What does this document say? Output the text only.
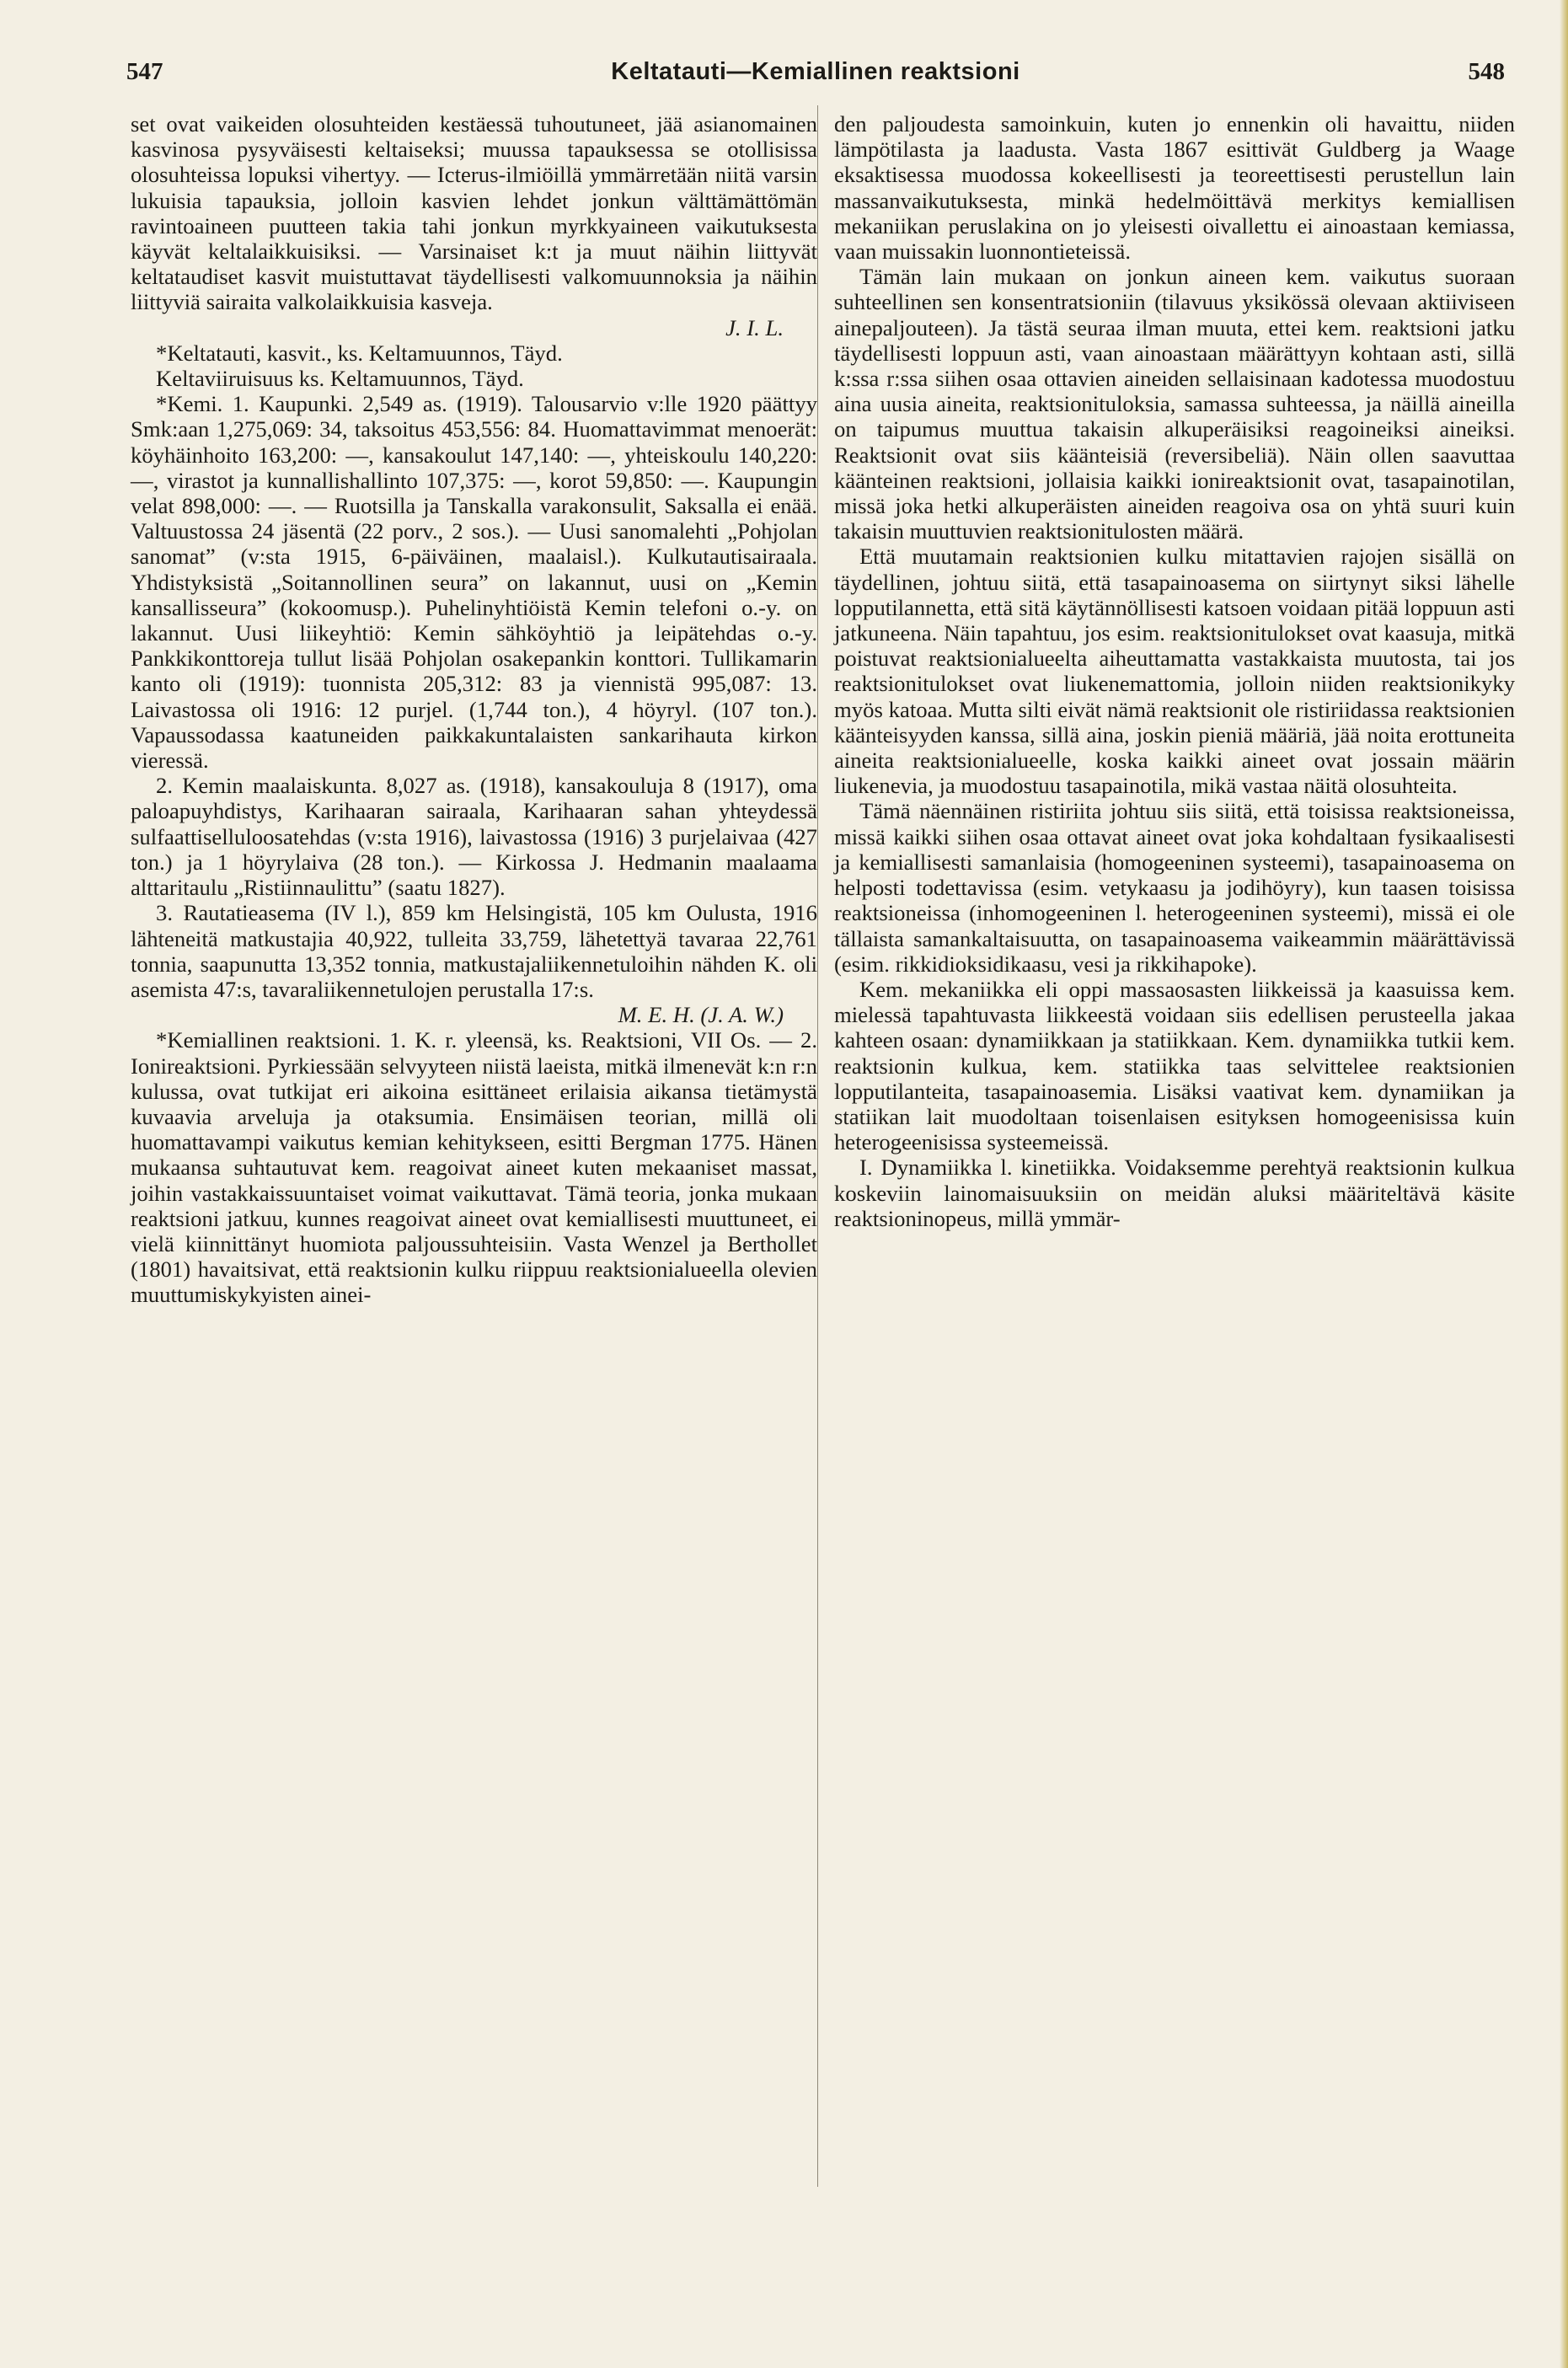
547	Keltatauti—Kemiallinen reaktsioni	548

set ovat vaikeiden olosuhteiden kestäessä tuhoutuneet, jää asianomainen kasvinosa pysyväisesti keltaiseksi; muussa tapauksessa se otollisissa olosuhteissa lopuksi vihertyy. — Icterus-ilmiöillä ymmärretään niitä varsin lukuisia tapauksia, jolloin kasvien lehdet jonkun välttämättömän ravintoaineen puutteen takia tahi jonkun myrkkyaineen vaikutuksesta käyvät keltalaikkuisiksi. — Varsinaiset k:t ja muut näihin liittyvät keltataudiset kasvit muistuttavat täydellisesti valkomuunnoksia ja näihin liittyviä sairaita valkolaikkuisia kasveja.

J. I. L.

*Keltatauti, kasvit., ks. Keltamuunnos, Täyd.

Keltaviiruisuus ks. Keltamuunnos, Täyd.

*Kemi. 1. Kaupunki. 2,549 as. (1919). Talousarvio v:lle 1920 päättyy Smk:aan 1,275,069: 34, taksoitus 453,556: 84. Huomattavimmat menoerät: köyhäinhoito 163,200: —, kansakoulut 147,140: —, yhteiskoulu 140,220: —, virastot ja kunnallishallinto 107,375: —, korot 59,850: —. Kaupungin velat 898,000: —. — Ruotsilla ja Tanskalla varakonsulit, Saksalla ei enää. Valtuustossa 24 jäsentä (22 porv., 2 sos.). — Uusi sanomalehti „Pohjolan sanomat” (v:sta 1915, 6-päiväinen, maalaisl.). Kulkutautisairaala. Yhdistyksistä „Soitannollinen seura” on lakannut, uusi on „Kemin kansallisseura” (kokoomusp.). Puhelinyhtiöistä Kemin telefoni o.-y. on lakannut. Uusi liikeyhtiö: Kemin sähköyhtiö ja leipätehdas o.-y. Pankkikonttoreja tullut lisää Pohjolan osakepankin konttori. Tullikamarin kanto oli (1919): tuonnista 205,312: 83 ja viennistä 995,087: 13. Laivastossa oli 1916: 12 purjel. (1,744 ton.), 4 höyryl. (107 ton.). Vapaussodassa kaatuneiden paikkakuntalaisten sankarihauta kirkon vieressä.

2. Kemin maalaiskunta. 8,027 as. (1918), kansakouluja 8 (1917), oma paloapuyhdistys, Karihaaran sairaala, Karihaaran sahan yhteydessä sulfaattiselluloosatehdas (v:sta 1916), laivastossa (1916) 3 purjelaivaa (427 ton.) ja 1 höyrylaiva (28 ton.). — Kirkossa J. Hedmanin maalaama alttaritaulu „Ristiinnaulittu” (saatu 1827).

3. Rautatieasema (IV l.), 859 km Helsingistä, 105 km Oulusta, 1916 lähteneitä matkustajia 40,922, tulleita 33,759, lähetettyä tavaraa 22,761 tonnia, saapunutta 13,352 tonnia, matkustajaliikennetuloihin nähden K. oli asemista 47:s, tavaraliikennetulojen perustalla 17:s.

M. E. H. (J. A. W.)

*Kemiallinen reaktsioni. 1. K. r. yleensä, ks. Reaktsioni, VII Os. — 2. Ionireaktsioni. Pyrkiessään selvyyteen niistä laeista, mitkä ilmenevät k:n r:n kulussa, ovat tutkijat eri aikoina esittäneet erilaisia aikansa tietämystä kuvaavia arveluja ja otaksumia. Ensimäisen teorian, millä oli huomattavampi vaikutus kemian kehitykseen, esitti Bergman 1775. Hänen mukaansa suhtautuvat kem. reagoivat aineet kuten mekaaniset massat, joihin vastakkaissuuntaiset voimat vaikuttavat. Tämä teoria, jonka mukaan reaktsioni jatkuu, kunnes reagoivat aineet ovat kemiallisesti muuttuneet, ei vielä kiinnittänyt huomiota paljoussuhteisiin. Vasta Wenzel ja Berthollet (1801) havaitsivat, että reaktsionin kulku riippuu reaktsionialueella olevien muuttumiskykyisten ainei-

den paljoudesta samoinkuin, kuten jo ennenkin oli havaittu, niiden lämpötilasta ja laadusta. Vasta 1867 esittivät Guldberg ja Waage eksaktisessa muodossa kokeellisesti ja teoreettisesti perustellun lain massanvaikutuksesta, minkä hedelmöittävä merkitys kemiallisen mekaniikan peruslakina on jo yleisesti oivallettu ei ainoastaan kemiassa, vaan muissakin luonnontieteissä.

Tämän lain mukaan on jonkun aineen kem. vaikutus suoraan suhteellinen sen konsentratsioniin (tilavuus yksikössä olevaan aktiiviseen ainepaljouteen). Ja tästä seuraa ilman muuta, ettei kem. reaktsioni jatku täydellisesti loppuun asti, vaan ainoastaan määrättyyn kohtaan asti, sillä k:ssa r:ssa siihen osaa ottavien aineiden sellaisinaan kadotessa muodostuu aina uusia aineita, reaktsionituloksia, samassa suhteessa, ja näillä aineilla on taipumus muuttua takaisin alkuperäisiksi reagoineiksi aineiksi. Reaktsionit ovat siis käänteisiä (reversibeliä). Näin ollen saavuttaa käänteinen reaktsioni, jollaisia kaikki ionireaktsionit ovat, tasapainotilan, missä joka hetki alkuperäisten aineiden reagoiva osa on yhtä suuri kuin takaisin muuttuvien reaktsionitulosten määrä.

Että muutamain reaktsionien kulku mitattavien rajojen sisällä on täydellinen, johtuu siitä, että tasapainoasema on siirtynyt siksi lähelle lopputilannetta, että sitä käytännöllisesti katsoen voidaan pitää loppuun asti jatkuneena. Näin tapahtuu, jos esim. reaktsionitulokset ovat kaasuja, mitkä poistuvat reaktsionialueelta aiheuttamatta vastakkaista muutosta, tai jos reaktsionitulokset ovat liukenemattomia, jolloin niiden reaktsionikyky myös katoaa. Mutta silti eivät nämä reaktsionit ole ristiriidassa reaktsionien käänteisyyden kanssa, sillä aina, joskin pieniä määriä, jää noita erottuneita aineita reaktsionialueelle, koska kaikki aineet ovat jossain määrin liukenevia, ja muodostuu tasapainotila, mikä vastaa näitä olosuhteita.

Tämä näennäinen ristiriita johtuu siis siitä, että toisissa reaktsioneissa, missä kaikki siihen osaa ottavat aineet ovat joka kohdaltaan fysikaalisesti ja kemiallisesti samanlaisia (homogeeninen systeemi), tasapainoasema on helposti todettavissa (esim. vetykaasu ja jodihöyry), kun taasen toisissa reaktsioneissa (inhomogeeninen l. heterogeeninen systeemi), missä ei ole tällaista samankaltaisuutta, on tasapainoasema vaikeammin määrättävissä (esim. rikkidioksidikaasu, vesi ja rikkihapoke).

Kem. mekaniikka eli oppi massaosasten liikkeissä ja kaasuissa kem. mielessä tapahtuvasta liikkeestä voidaan siis edellisen perusteella jakaa kahteen osaan: dynamiikkaan ja statiikkaan. Kem. dynamiikka tutkii kem. reaktsionin kulkua, kem. statiikka taas selvittelee reaktsionien lopputilanteita, tasapainoasemia. Lisäksi vaativat kem. dynamiikan ja statiikan lait muodoltaan toisenlaisen esityksen homogeenisissa kuin heterogeenisissa systeemeissä.

I. Dynamiikka l. kinetiikka. Voidaksemme perehtyä reaktsionin kulkua koskeviin lainomaisuuksiin on meidän aluksi määriteltävä käsite reaktsioninopeus, millä ymmär-
